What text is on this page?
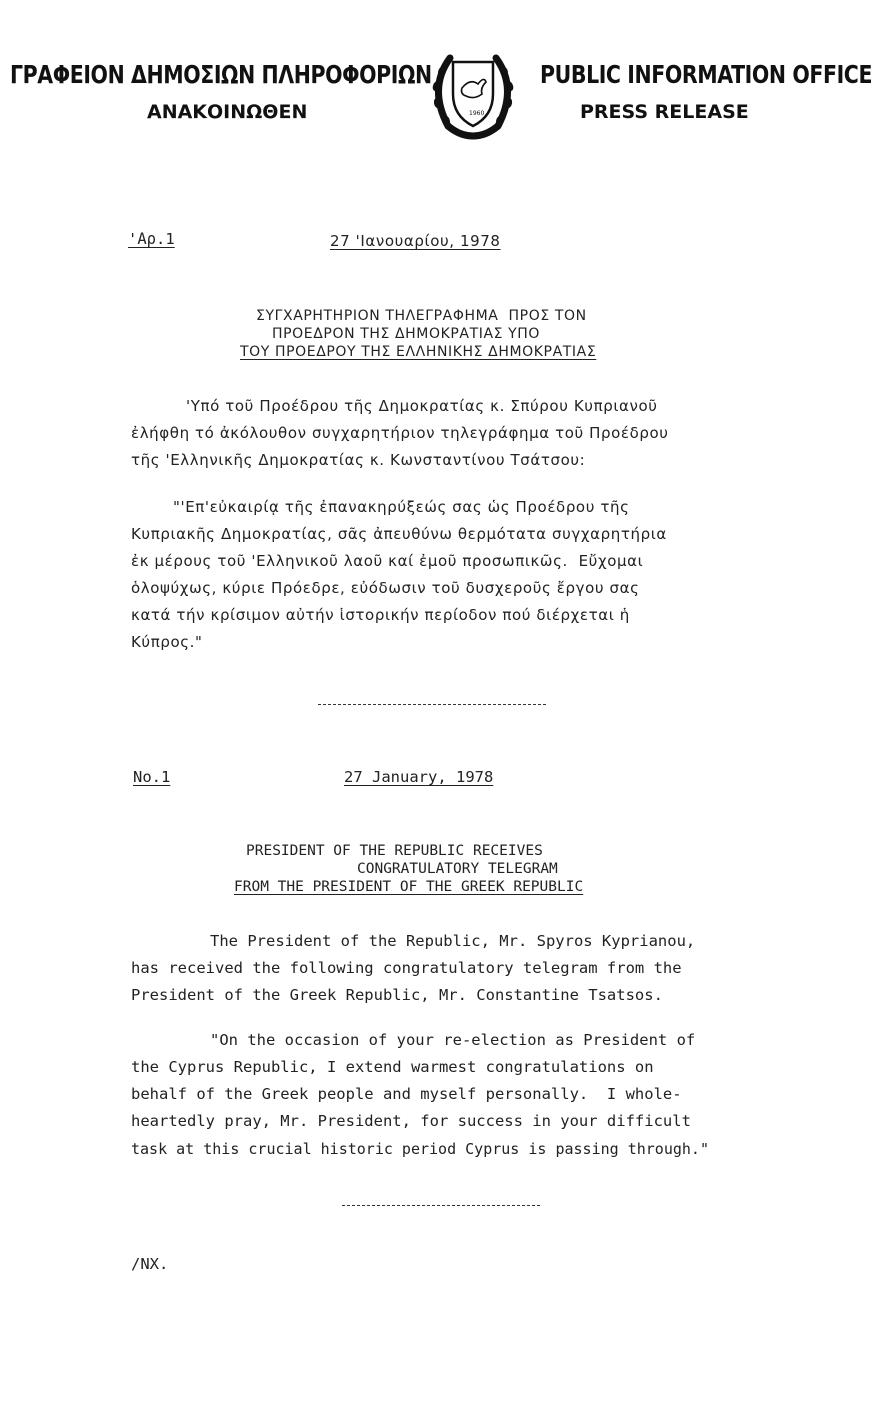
ΓΡΑΦΕΙΟΝ ΔΗΜΟΣΙΩΝ ΠΛΗΡΟΦΟΡΙΩΝ
ΑΝΑΚΟΙΝΩΘΕΝ
PUBLIC INFORMATION OFFICE
PRESS RELEASE
1960
'Αρ.1	27 'Ιανουαρίου, 1978
ΣΥΓΧΑΡΗΤΗΡΙΟΝ ΤΗΛΕΓΡΑΦΗΜΑ  ΠΡΟΣ ΤΟΝ
ΠΡΟΕΔΡΟΝ ΤΗΣ ΔΗΜΟΚΡΑΤΙΑΣ ΥΠΟ
ΤΟΥ ΠΡΟΕΔΡΟΥ ΤΗΣ ΕΛΛΗΝΙΚΗΣ ΔΗΜΟΚΡΑΤΙΑΣ
'Υπό τοῦ Προέδρου τῆς Δημοκρατίας κ. Σπύρου Κυπριανοῦ
ἐλήφθη τό ἀκόλουθον συγχαρητήριον τηλεγράφημα τοῦ Προέδρου
τῆς 'Ελληνικῆς Δημοκρατίας κ. Κωνσταντίνου Τσάτσου:
"'Επ'εὐκαιρίᾳ τῆς ἐπανακηρύξεώς σας ὡς Προέδρου τῆς
Κυπριακῆς Δημοκρατίας, σᾶς ἀπευθύνω θερμότατα συγχαρητήρια
ἐκ μέρους τοῦ 'Ελληνικοῦ λαοῦ καί ἐμοῦ προσωπικῶς.  Εὔχομαι
ὁλοψύχως, κύριε Πρόεδρε, εὐόδωσιν τοῦ δυσχεροῦς ἔργου σας
κατά τήν κρίσιμον αὐτήν ἱστορικήν περίοδον πού διέρχεται ἡ
Κύπρος."
No.1	27 January, 1978
PRESIDENT OF THE REPUBLIC RECEIVES
CONGRATULATORY TELEGRAM
FROM THE PRESIDENT OF THE GREEK REPUBLIC
The President of the Republic, Mr. Spyros Kyprianou,
has received the following congratulatory telegram from the
President of the Greek Republic, Mr. Constantine Tsatsos.
"On the occasion of your re-election as President of
the Cyprus Republic, I extend warmest congratulations on
behalf of the Greek people and myself personally.  I whole-
heartedly pray, Mr. President, for success in your difficult
task at this crucial historic period Cyprus is passing through."
/NX.
